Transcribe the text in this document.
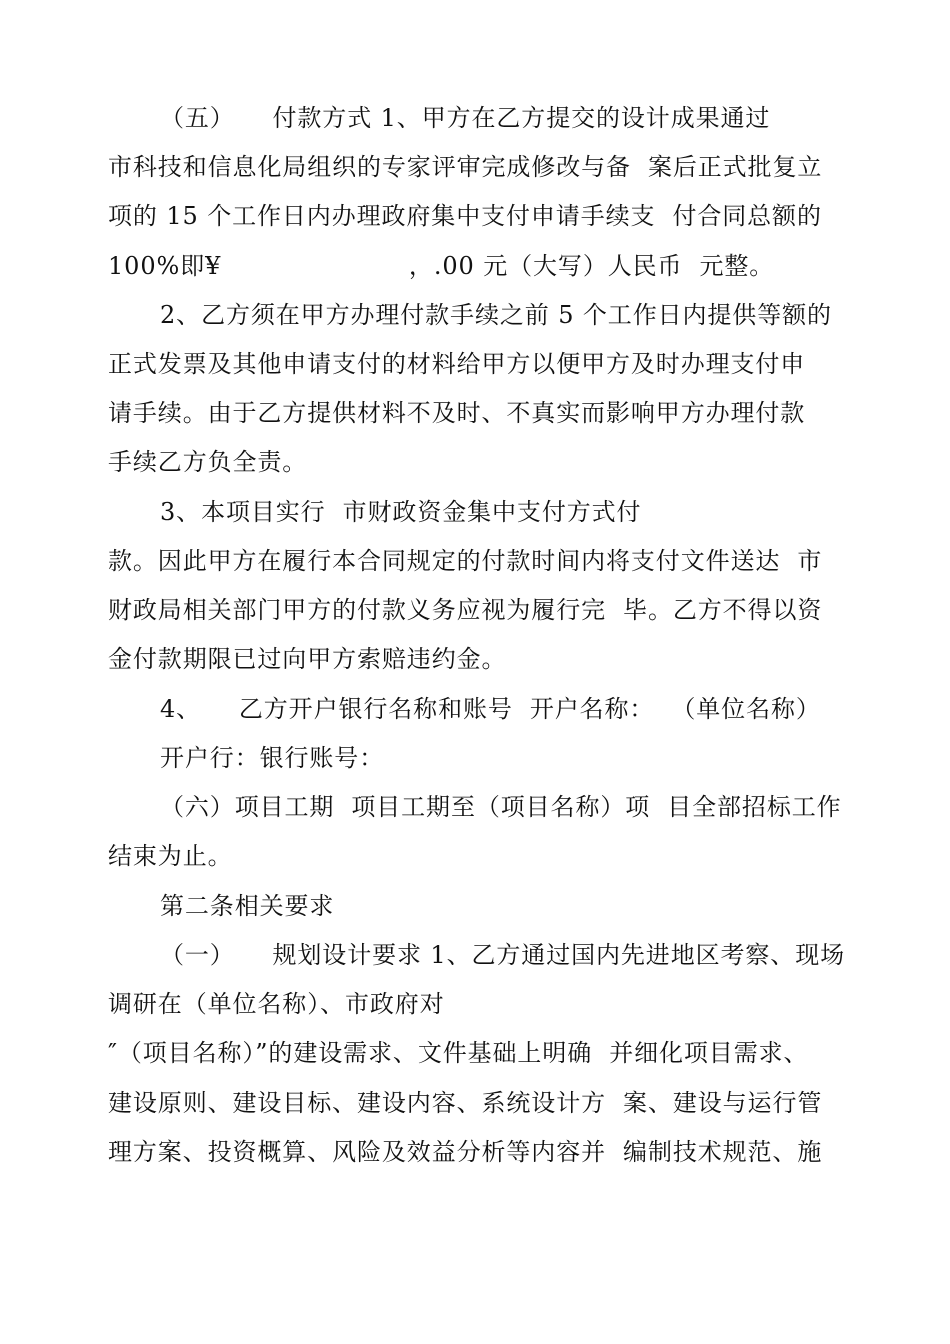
（五）　　付款方式 1、甲方在乙方提交的设计成果通过
市科技和信息化局组织的专家评审完成修改与备  案后正式批复立
项的 15 个工作日内办理政府集中支付申请手续支  付合同总额的
100%即¥                      ，.00 元（大写）人民币  元整。
2、乙方须在甲方办理付款手续之前 5 个工作日内提供等额的
正式发票及其他申请支付的材料给甲方以便甲方及时办理支付申
请手续。由于乙方提供材料不及时、不真实而影响甲方办理付款
手续乙方负全责。
3、本项目实行  市财政资金集中支付方式付
款。因此甲方在履行本合同规定的付款时间内将支付文件送达  市
财政局相关部门甲方的付款义务应视为履行完  毕。乙方不得以资
金付款期限已过向甲方索赔违约金。
4、　　乙方开户银行名称和账号  开户名称：  （单位名称）
开户行：银行账号：
（六）项目工期  项目工期至（项目名称）项  目全部招标工作
结束为止。
第二条相关要求
（一）　　规划设计要求 1、乙方通过国内先进地区考察、现场
调研在（单位名称）、市政府对
″（项目名称）”的建设需求、文件基础上明确  并细化项目需求、
建设原则、建设目标、建设内容、系统设计方  案、建设与运行管
理方案、投资概算、风险及效益分析等内容并  编制技术规范、施
